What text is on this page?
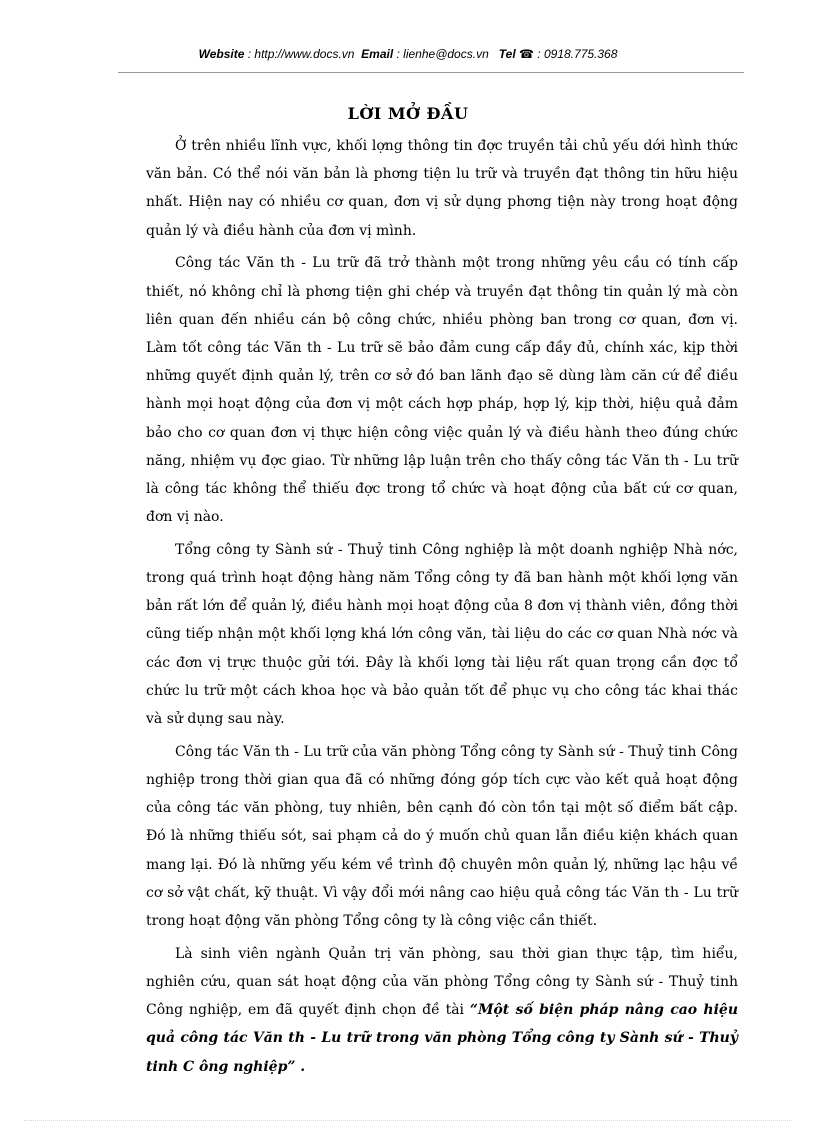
Website : http://www.docs.vn Email : lienhe@docs.vn Tel ☎ : 0918.775.368
LỜI MỞ ĐẦU

Ở trên nhiều lĩnh vực, khối lợng thông tin đợc truyền tải chủ yếu dới hình thức văn bản. Có thể nói văn bản là phơng tiện lu trữ và truyền đạt thông tin hữu hiệu nhất. Hiện nay có nhiều cơ quan, đơn vị sử dụng phơng tiện này trong hoạt động quản lý và điều hành của đơn vị mình.

Công tác Văn th - Lu trữ đã trở thành một trong những yêu cầu có tính cấp thiết, nó không chỉ là phơng tiện ghi chép và truyền đạt thông tin quản lý mà còn liên quan đến nhiều cán bộ công chức, nhiều phòng ban trong cơ quan, đơn vị. Làm tốt công tác Văn th - Lu trữ sẽ bảo đảm cung cấp đầy đủ, chính xác, kịp thời những quyết định quản lý, trên cơ sở đó ban lãnh đạo sẽ dùng làm căn cứ để điều hành mọi hoạt động của đơn vị một cách hợp pháp, hợp lý, kịp thời, hiệu quả đảm bảo cho cơ quan đơn vị thực hiện công việc quản lý và điều hành theo đúng chức năng, nhiệm vụ đợc giao. Từ những lập luận trên cho thấy công tác Văn th - Lu trữ là công tác không thể thiếu đợc trong tổ chức và hoạt động của bất cứ cơ quan, đơn vị nào.

Tổng công ty Sành sứ - Thuỷ tinh Công nghiệp là một doanh nghiệp Nhà nớc, trong quá trình hoạt động hàng năm Tổng công ty đã ban hành một khối lợng văn bản rất lớn để quản lý, điều hành mọi hoạt động của 8 đơn vị thành viên, đồng thời cũng tiếp nhận một khối lợng khá lớn công văn, tài liệu do các cơ quan Nhà nớc và các đơn vị trực thuộc gửi tới. Đây là khối lợng tài liệu rất quan trọng cần đợc tổ chức lu trữ một cách khoa học và bảo quản tốt để phục vụ cho công tác khai thác và sử dụng sau này.

Công tác Văn th - Lu trữ của văn phòng Tổng công ty Sành sứ - Thuỷ tinh Công nghiệp trong thời gian qua đã có những đóng góp tích cực vào kết quả hoạt động của công tác văn phòng, tuy nhiên, bên cạnh đó còn tồn tại một số điểm bất cập. Đó là những thiếu sót, sai phạm cả do ý muốn chủ quan lẫn điều kiện khách quan mang lại. Đó là những yếu kém về trình độ chuyên môn quản lý, những lạc hậu về cơ sở vật chất, kỹ thuật. Vì vậy đổi mới nâng cao hiệu quả công tác Văn th - Lu trữ trong hoạt động văn phòng Tổng công ty là công việc cần thiết.

Là sinh viên ngành Quản trị văn phòng, sau thời gian thực tập, tìm hiểu, nghiên cứu, quan sát hoạt động của văn phòng Tổng công ty Sành sứ - Thuỷ tinh Công nghiệp, em đã quyết định chọn đề tài “Một số biện pháp nâng cao hiệu quả công tác Văn th - Lu trữ trong văn phòng Tổng công ty Sành sứ - Thuỷ tinh C ông nghiệp” .
